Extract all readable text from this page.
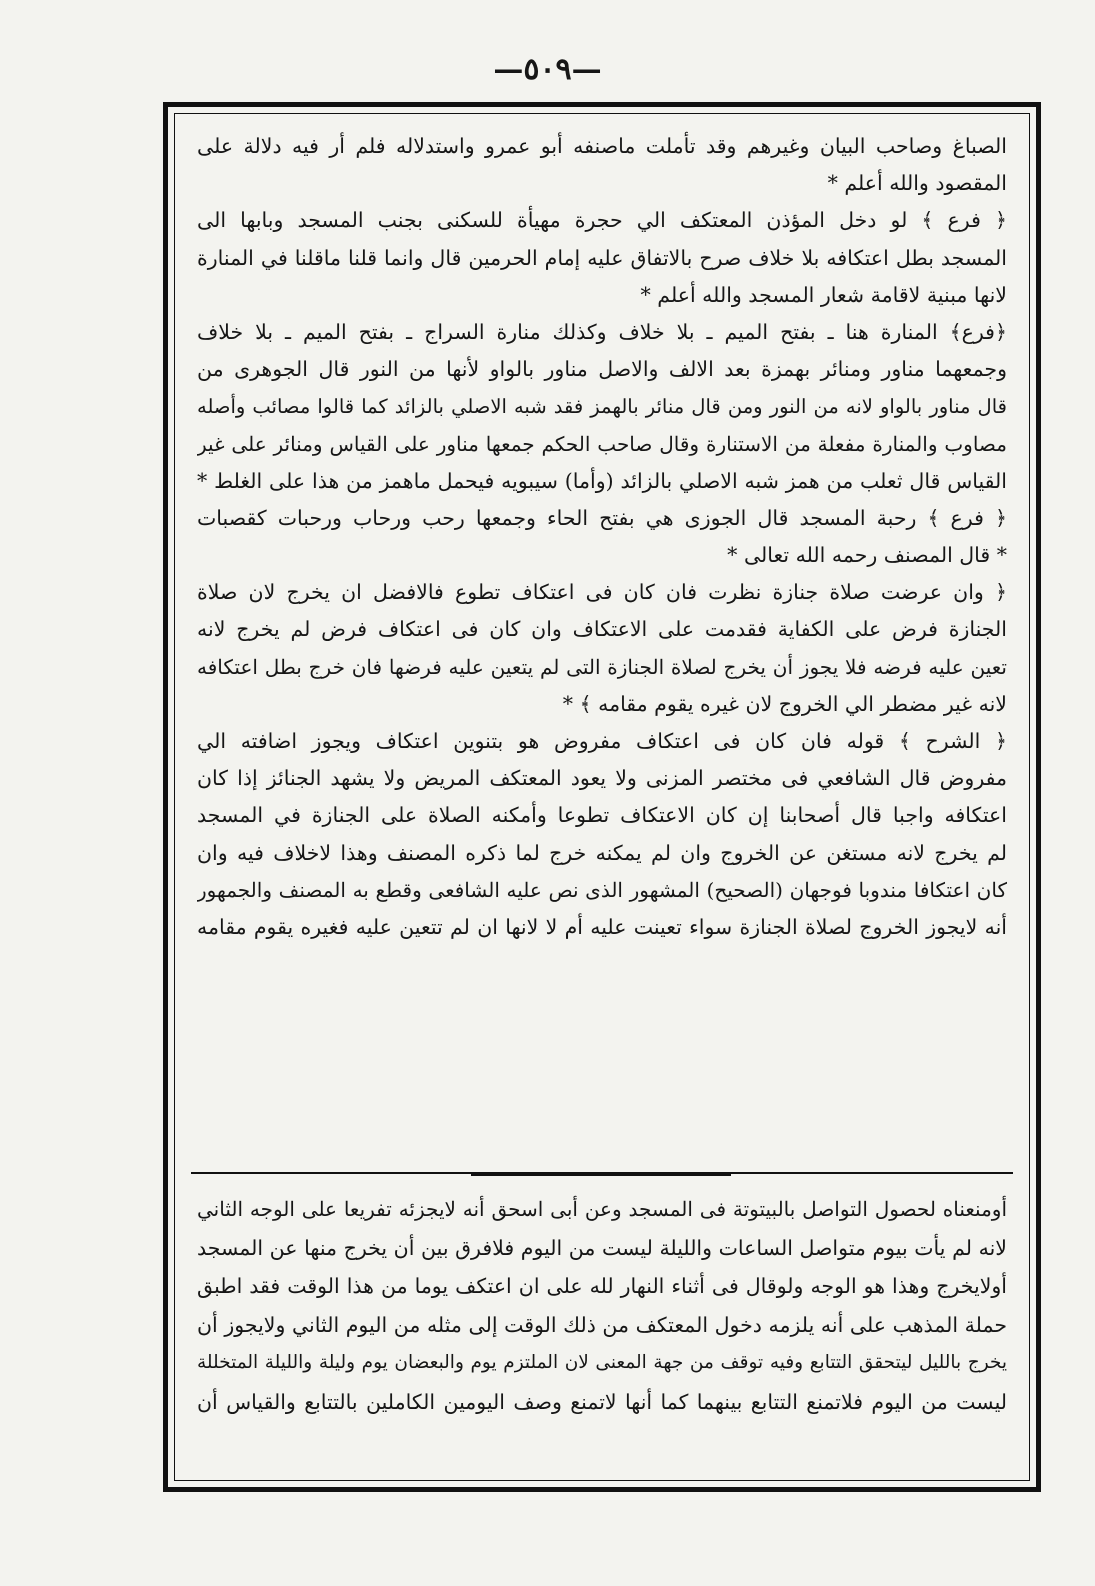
—٥٠٩—
الصباغ وصاحب البيان وغيرهم وقد تأملت ماصنفه أبو عمرو واستدلاله فلم أر فيه دلالة على
المقصود والله أعلم *
﴿ فرع ﴾ لو دخل المؤذن المعتكف الي حجرة مهيأة للسكنى بجنب المسجد وبابها الى
المسجد بطل اعتكافه بلا خلاف صرح بالاتفاق عليه إمام الحرمين قال وانما قلنا ماقلنا في المنارة
لانها مبنية لاقامة شعار المسجد والله أعلم *
﴿فرع﴾ المنارة هنا ـ بفتح الميم ـ بلا خلاف وكذلك منارة السراج ـ بفتح الميم ـ بلا خلاف
وجمعهما مناور ومنائر بهمزة بعد الالف والاصل مناور بالواو لأنها من النور قال الجوهرى من
قال مناور بالواو لانه من النور ومن قال منائر بالهمز فقد شبه الاصلي بالزائد كما قالوا مصائب وأصله
مصاوب والمنارة مفعلة من الاستنارة وقال صاحب الحكم جمعها مناور على القياس ومنائر على غير
القياس قال ثعلب من همز شبه الاصلي بالزائد (وأما) سيبويه فيحمل ماهمز من هذا على الغلط *
﴿ فرع ﴾ رحبة المسجد قال الجوزى هي بفتح الحاء وجمعها رحب ورحاب ورحبات كقصبات
* قال المصنف رحمه الله تعالى *
﴿ وان عرضت صلاة جنازة نظرت فان كان فى اعتكاف تطوع فالافضل ان يخرج لان صلاة
الجنازة فرض على الكفاية فقدمت على الاعتكاف وان كان فى اعتكاف فرض لم يخرج لانه
تعين عليه فرضه فلا يجوز أن يخرج لصلاة الجنازة التى لم يتعين عليه فرضها فان خرج بطل اعتكافه
لانه غير مضطر الي الخروج لان غيره يقوم مقامه ﴾ *
﴿ الشرح ﴾ قوله فان كان فى اعتكاف مفروض هو بتنوين اعتكاف ويجوز اضافته الي
مفروض قال الشافعي فى مختصر المزنى ولا يعود المعتكف المريض ولا يشهد الجنائز إذا كان
اعتكافه واجبا قال أصحابنا إن كان الاعتكاف تطوعا وأمكنه الصلاة على الجنازة في المسجد
لم يخرج لانه مستغن عن الخروج وان لم يمكنه خرج لما ذكره المصنف وهذا لاخلاف فيه وان
كان اعتكافا مندوبا فوجهان (الصحيح) المشهور الذى نص عليه الشافعى وقطع به المصنف والجمهور
أنه لايجوز الخروج لصلاة الجنازة سواء تعينت عليه أم لا لانها ان لم تتعين عليه فغيره يقوم مقامه
أومنعناه لحصول التواصل بالبيتوتة فى المسجد وعن أبى اسحق أنه لايجزئه تفريعا على الوجه الثاني
لانه لم يأت بيوم متواصل الساعات والليلة ليست من اليوم فلافرق بين أن يخرج منها عن المسجد
أولايخرج وهذا هو الوجه ولوقال فى أثناء النهار لله على ان اعتكف يوما من هذا الوقت فقد اطبق
حملة المذهب على أنه يلزمه دخول المعتكف من ذلك الوقت إلى مثله من اليوم الثاني ولايجوز أن
يخرج بالليل ليتحقق التتابع وفيه توقف من جهة المعنى لان الملتزم يوم والبعضان يوم وليلة والليلة المتخللة
ليست من اليوم فلاتمنع التتابع بينهما كما أنها لاتمنع وصف اليومين الكاملين بالتتابع والقياس أن
